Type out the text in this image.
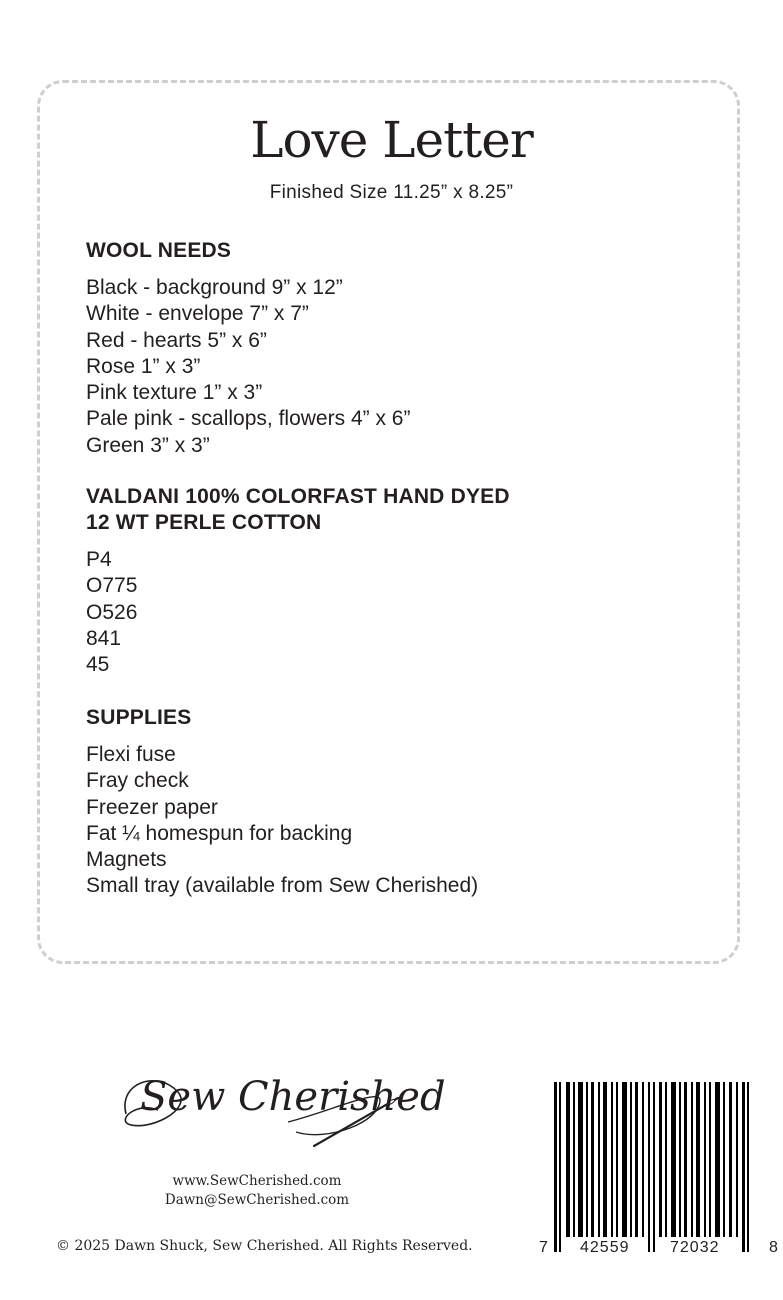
Love Letter
Finished Size 11.25” x 8.25”
WOOL NEEDS
Black - background 9” x 12”
White - envelope 7” x 7”
Red - hearts 5” x 6”
Rose 1” x 3”
Pink texture 1” x 3”
Pale pink - scallops, flowers 4” x 6”
Green 3” x 3”
VALDANI 100% COLORFAST HAND DYED
12 WT PERLE COTTON
P4
O775
O526
841
45
SUPPLIES
Flexi fuse
Fray check
Freezer paper
Fat ¼ homespun for backing
Magnets
Small tray (available from Sew Cherished)
Sew Cherished
www.SewCherished.com
Dawn@SewCherished.com
© 2025 Dawn Shuck, Sew Cherished. All Rights Reserved.	7 42559	72032	8
